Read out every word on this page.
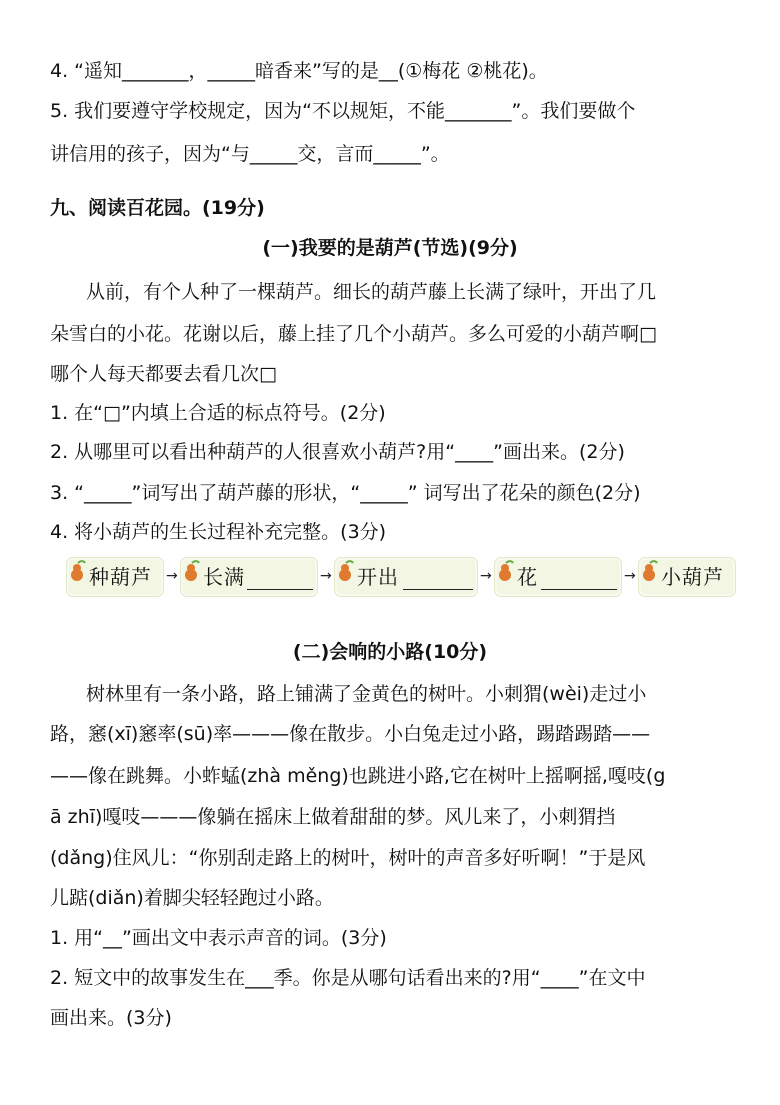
4. “遥知_______，_____暗香来”写的是__(①梅花 ②桃花)。
5. 我们要遵守学校规定，因为“不以规矩，不能_______”。我们要做个
讲信用的孩子，因为“与_____交，言而_____”。
九、阅读百花园。(19分)
(一)我要的是葫芦(节选)(9分)
从前，有个人种了一棵葫芦。细长的葫芦藤上长满了绿叶，开出了几
朵雪白的小花。花谢以后，藤上挂了几个小葫芦。多么可爱的小葫芦啊□
哪个人每天都要去看几次□
1. 在“□”内填上合适的标点符号。(2分)
2. 从哪里可以看出种葫芦的人很喜欢小葫芦?用“____”画出来。(2分)
3. “_____”词写出了葫芦藤的形状，“_____” 词写出了花朵的颜色(2分)
4. 将小葫芦的生长过程补充完整。(3分)
种葫芦 → 长满	→ 开出	→ 花	→ 小葫芦
(二)会响的小路(10分)
树林里有一条小路，路上铺满了金黄色的树叶。小刺猬(wèi)走过小
路，窸(xī)窸率(sū)率———像在散步。小白兔走过小路，踢踏踢踏——
——像在跳舞。小蚱蜢(zhà měng)也跳进小路,它在树叶上摇啊摇,嘎吱(g
ā zhī)嘎吱———像躺在摇床上做着甜甜的梦。风儿来了，小刺猬挡
(dǎng)住风儿：“你别刮走路上的树叶，树叶的声音多好听啊！”于是风
儿踮(diǎn)着脚尖轻轻跑过小路。
1. 用“__”画出文中表示声音的词。(3分)
2. 短文中的故事发生在___季。你是从哪句话看出来的?用“____”在文中
画出来。(3分)
